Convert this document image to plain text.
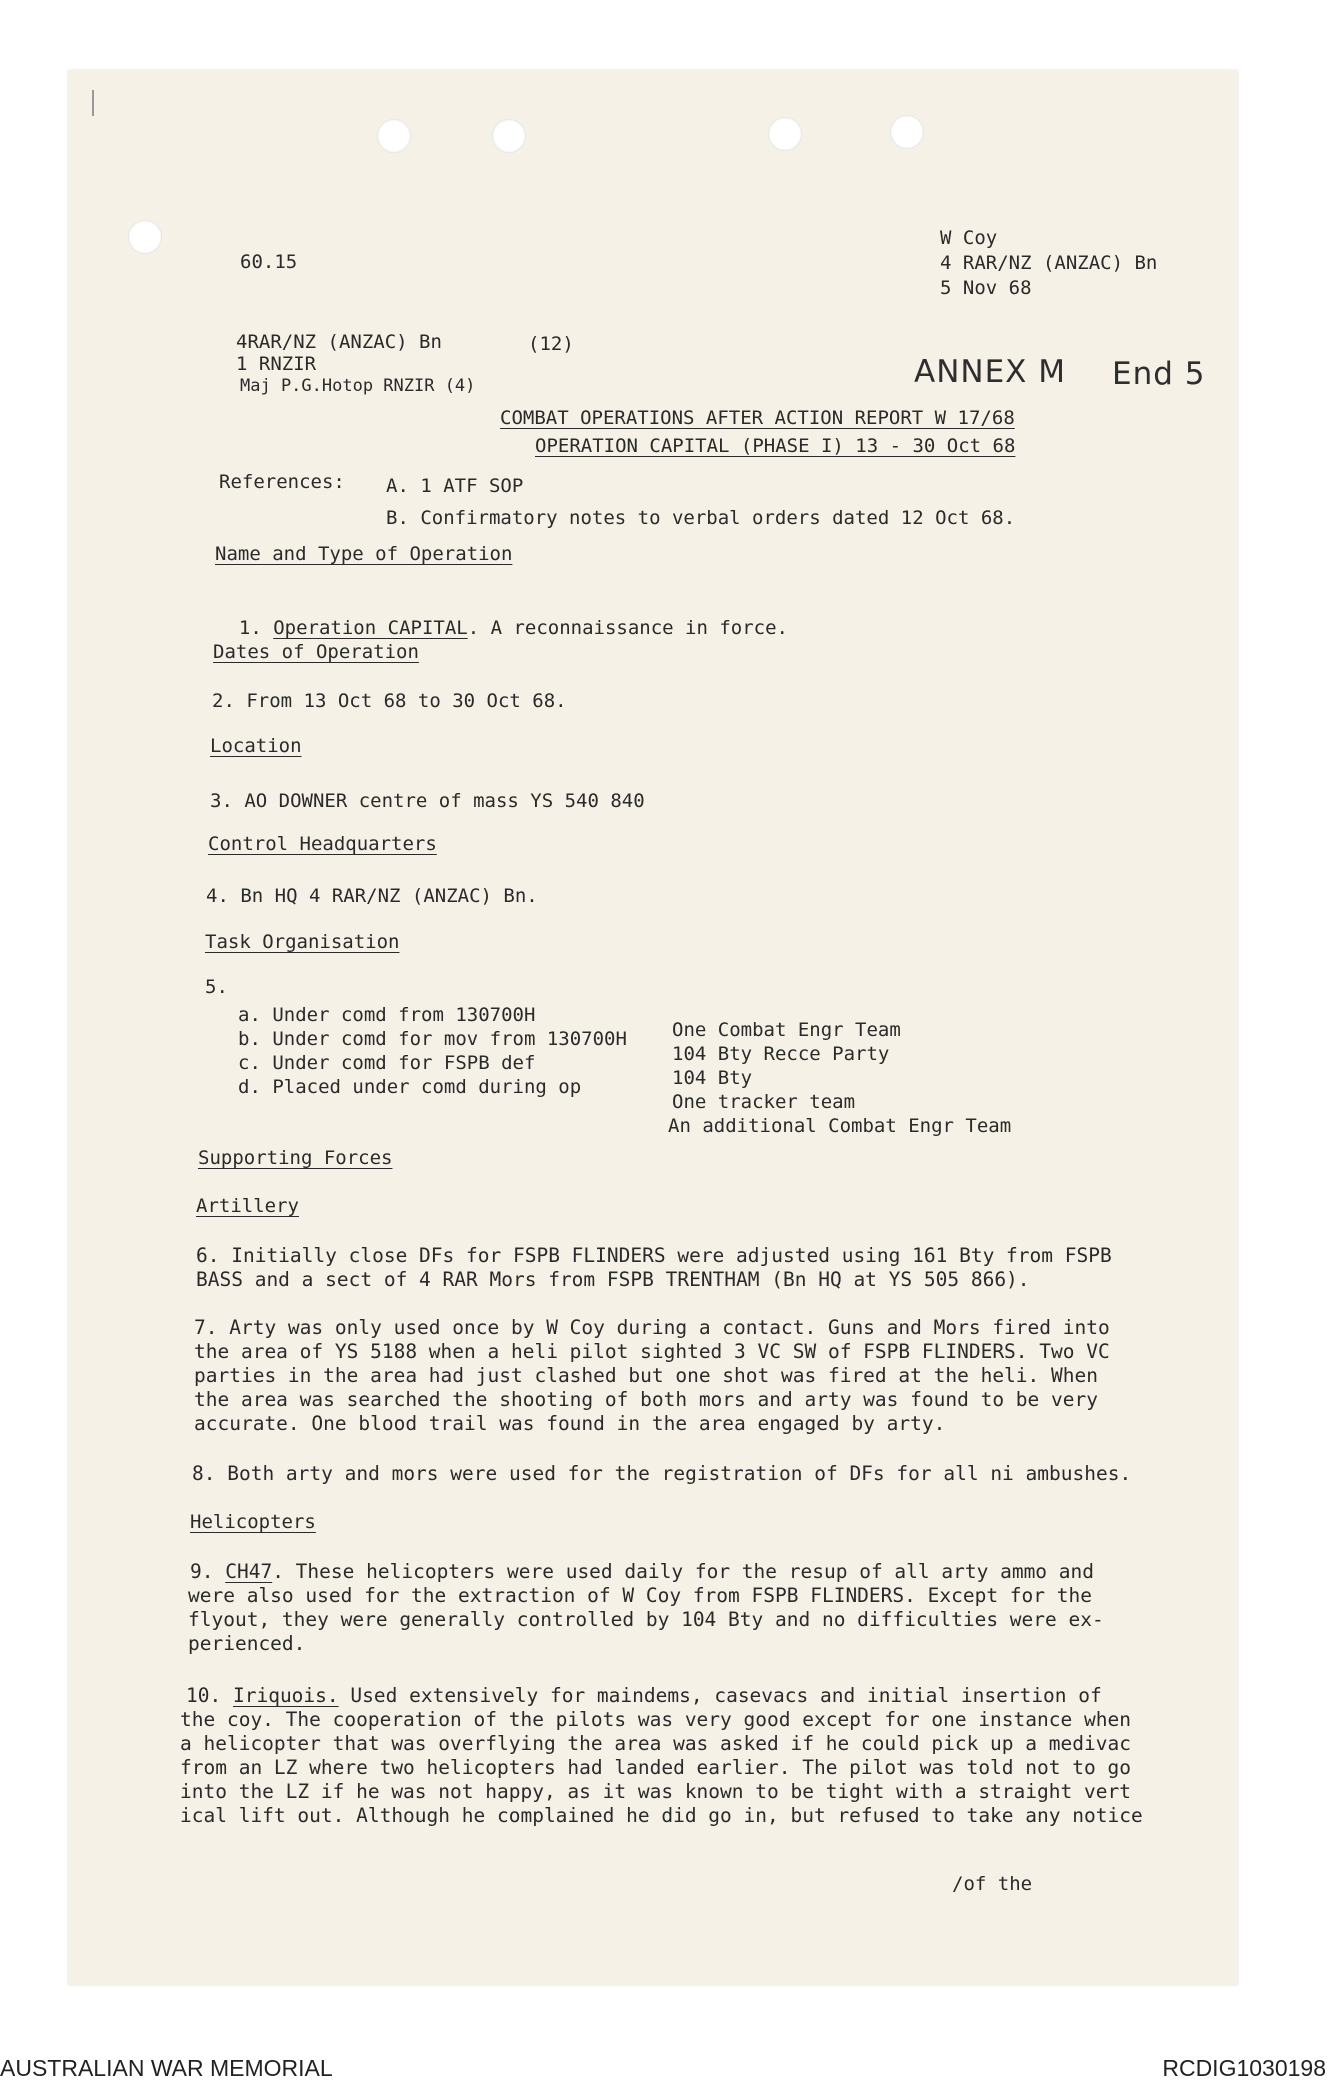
60.15
W Coy
4 RAR/NZ (ANZAC) Bn
5 Nov 68
4RAR/NZ (ANZAC) Bn
1 RNZIR
Maj P.G.Hotop RNZIR (4)
(12)
ANNEX M End 5
COMBAT OPERATIONS AFTER ACTION REPORT W 17/68
OPERATION CAPITAL (PHASE I) 13 - 30 Oct 68
References: A. 1 ATF SOP
B. Confirmatory notes to verbal orders dated 12 Oct 68.
Name and Type of Operation

1. Operation CAPITAL. A reconnaissance in force.

Dates of Operation
2. From 13 Oct 68 to 30 Oct 68.
Location
3. AO DOWNER centre of mass YS 540 840
Control Headquarters
4. Bn HQ 4 RAR/NZ (ANZAC) Bn.
Task Organisation
5.
a. Under comd from 130700H
b. Under comd for mov from 130700H
c. Under comd for FSPB def
d. Placed under comd during op
One Combat Engr Team
104 Bty Recce Party
104 Bty
One tracker team
An additional Combat Engr Team
Supporting Forces
Artillery
6. Initially close DFs for FSPB FLINDERS were adjusted using 161 Bty from FSPB
BASS and a sect of 4 RAR Mors from FSPB TRENTHAM (Bn HQ at YS 505 866).
7. Arty was only used once by W Coy during a contact. Guns and Mors fired into
the area of YS 5188 when a heli pilot sighted 3 VC SW of FSPB FLINDERS. Two VC
parties in the area had just clashed but one shot was fired at the heli. When
the area was searched the shooting of both mors and arty was found to be very
accurate. One blood trail was found in the area engaged by arty.
8. Both arty and mors were used for the registration of DFs for all ni ambushes.
Helicopters
9. CH47. These helicopters were used daily for the resup of all arty ammo and
were also used for the extraction of W Coy from FSPB FLINDERS. Except for the
flyout, they were generally controlled by 104 Bty and no difficulties were ex-
perienced.
10. Iriquois. Used extensively for maindems, casevacs and initial insertion of
the coy. The cooperation of the pilots was very good except for one instance when
a helicopter that was overflying the area was asked if he could pick up a medivac
from an LZ where two helicopters had landed earlier. The pilot was told not to go
into the LZ if he was not happy, as it was known to be tight with a straight vert
ical lift out. Although he complained he did go in, but refused to take any notice
/of the
AUSTRALIAN WAR MEMORIAL	RCDIG1030198
